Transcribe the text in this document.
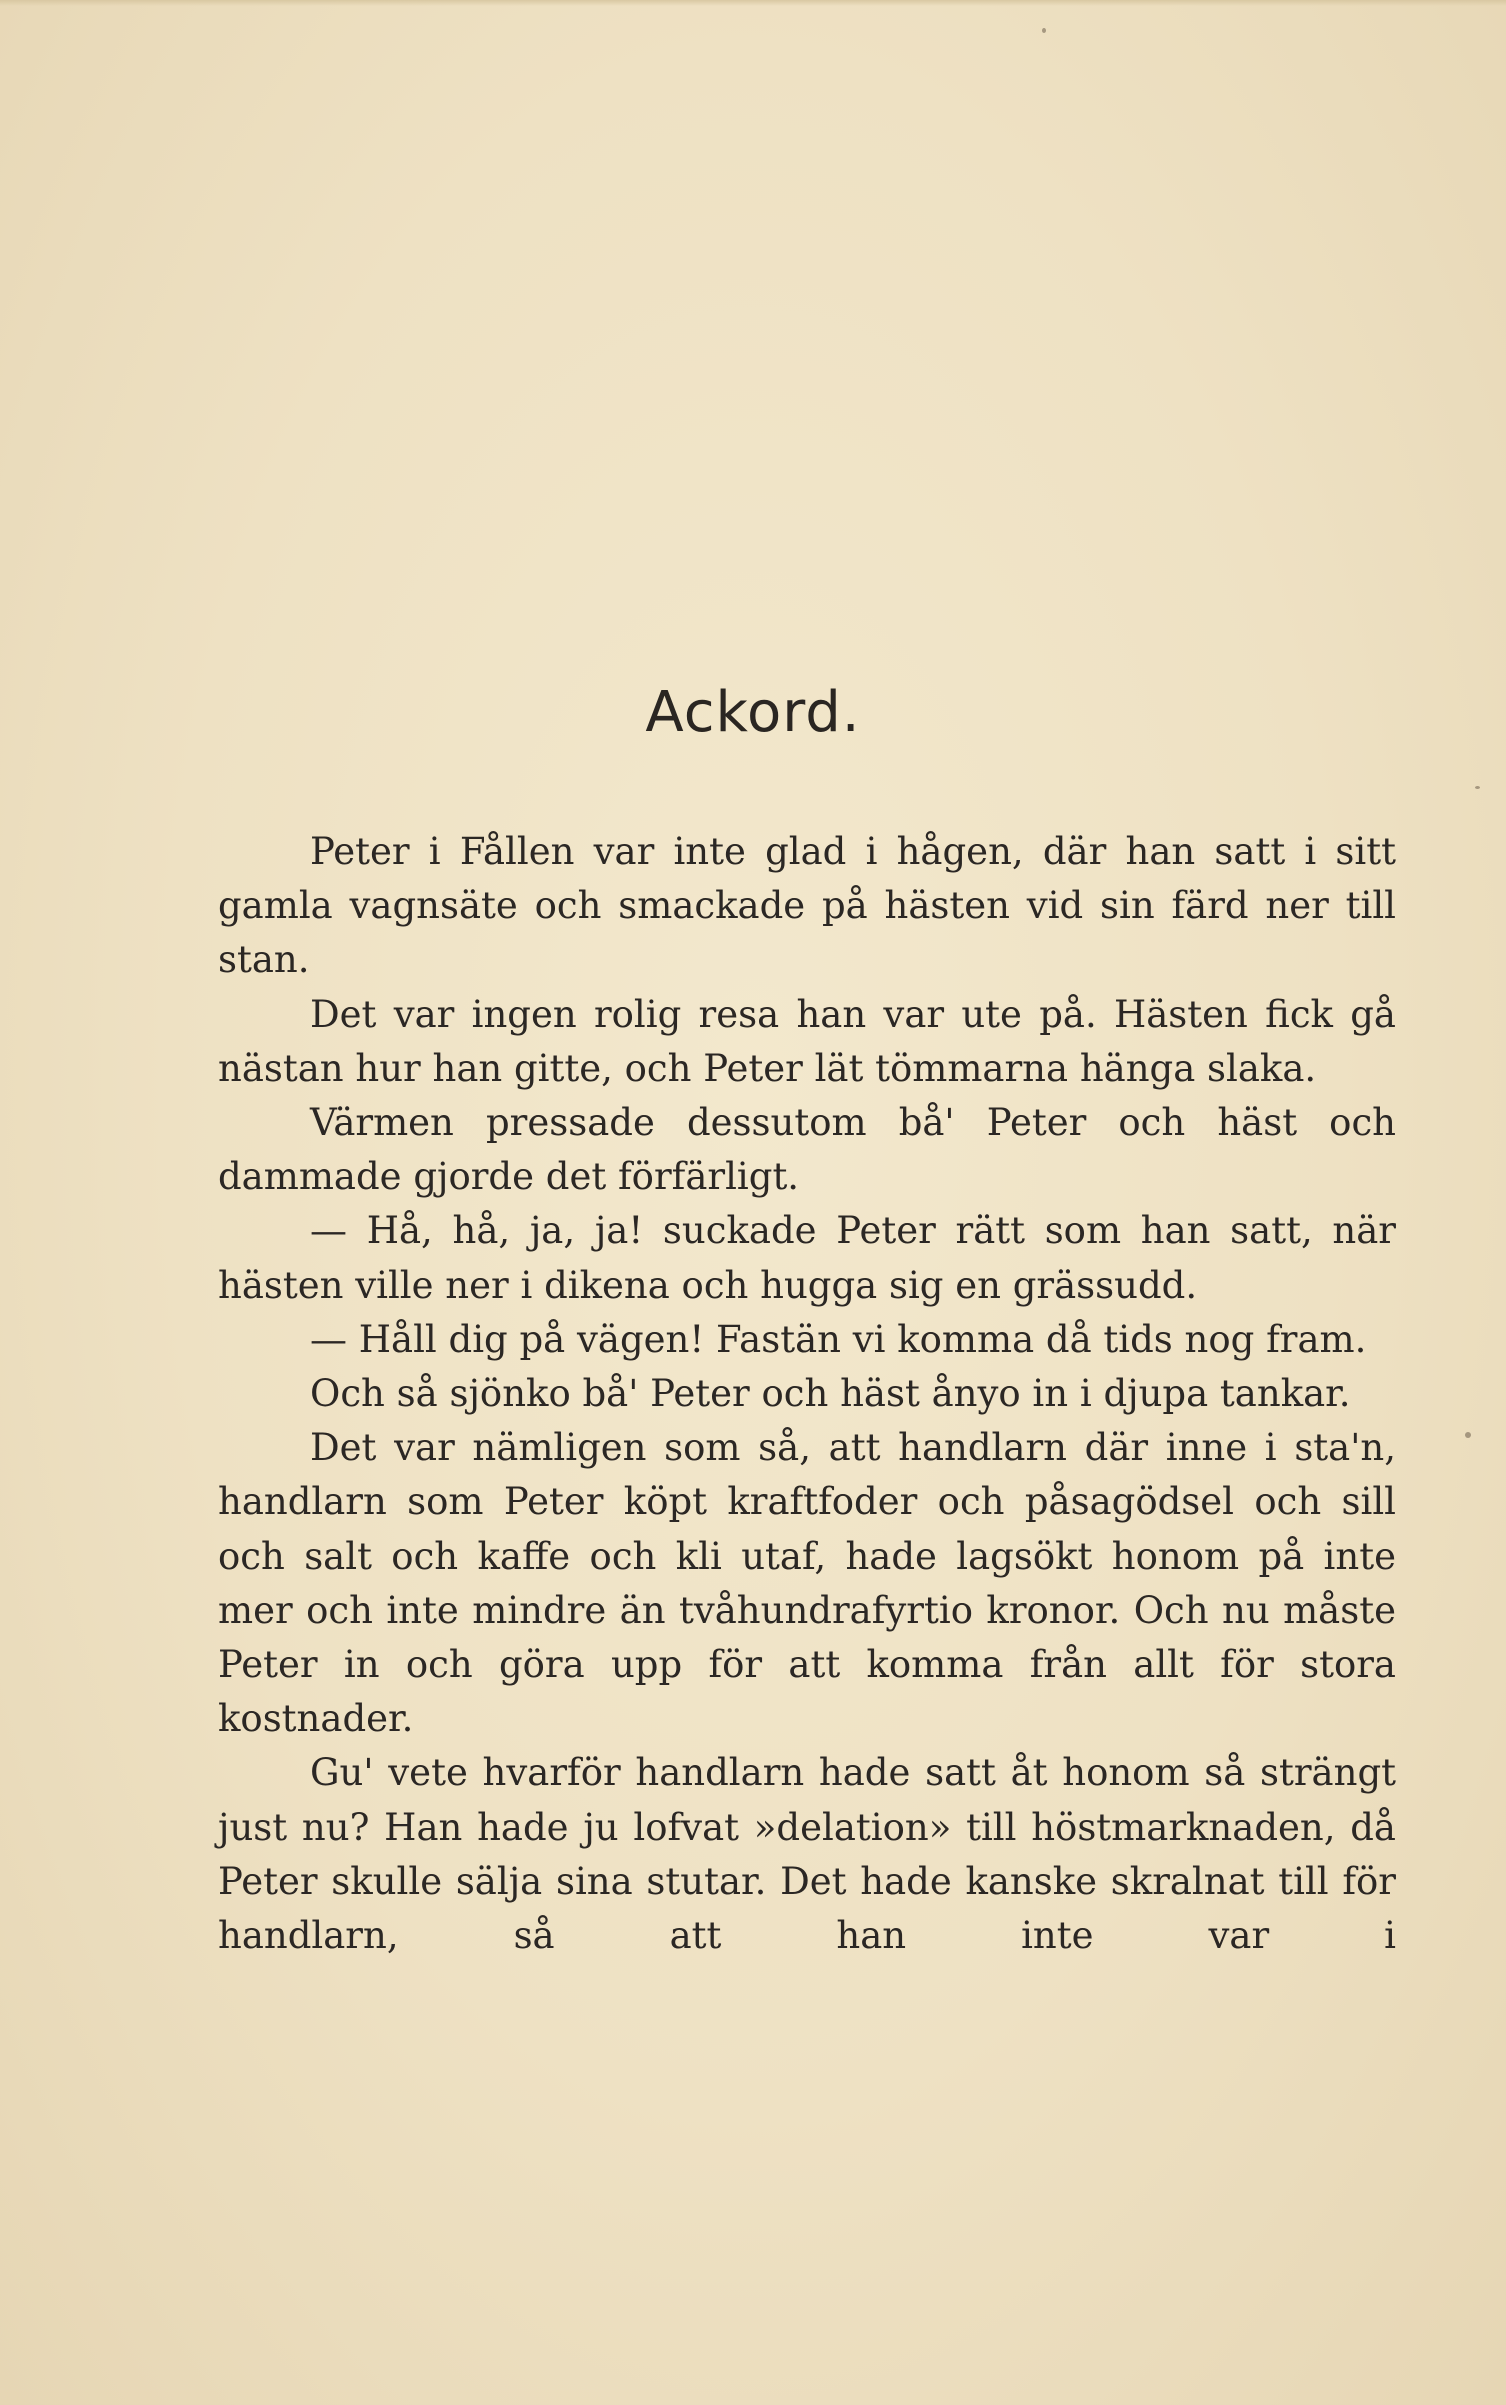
Ackord.

Peter i Fållen var inte glad i hågen, där han satt i sitt gamla vagnsäte och smackade på hästen vid sin färd ner till stan.

Det var ingen rolig resa han var ute på. Hästen fick gå nästan hur han gitte, och Peter lät tömmarna hänga slaka.

Värmen pressade dessutom bå' Peter och häst och dammade gjorde det förfärligt.

— Hå, hå, ja, ja! suckade Peter rätt som han satt, när hästen ville ner i dikena och hugga sig en grässudd.

— Håll dig på vägen! Fastän vi komma då tids nog fram.

Och så sjönko bå' Peter och häst ånyo in i djupa tankar.

Det var nämligen som så, att handlarn där inne i sta'n, handlarn som Peter köpt kraftfoder och påsagödsel och sill och salt och kaffe och kli utaf, hade lagsökt honom på inte mer och inte mindre än tvåhundrafyrtio kronor. Och nu måste Peter in och göra upp för att komma från allt för stora kostnader.

Gu' vete hvarför handlarn hade satt åt honom så strängt just nu? Han hade ju lofvat »delation» till höstmarknaden, då Peter skulle sälja sina stutar. Det hade kanske skralnat till för handlarn, så att han inte var i
